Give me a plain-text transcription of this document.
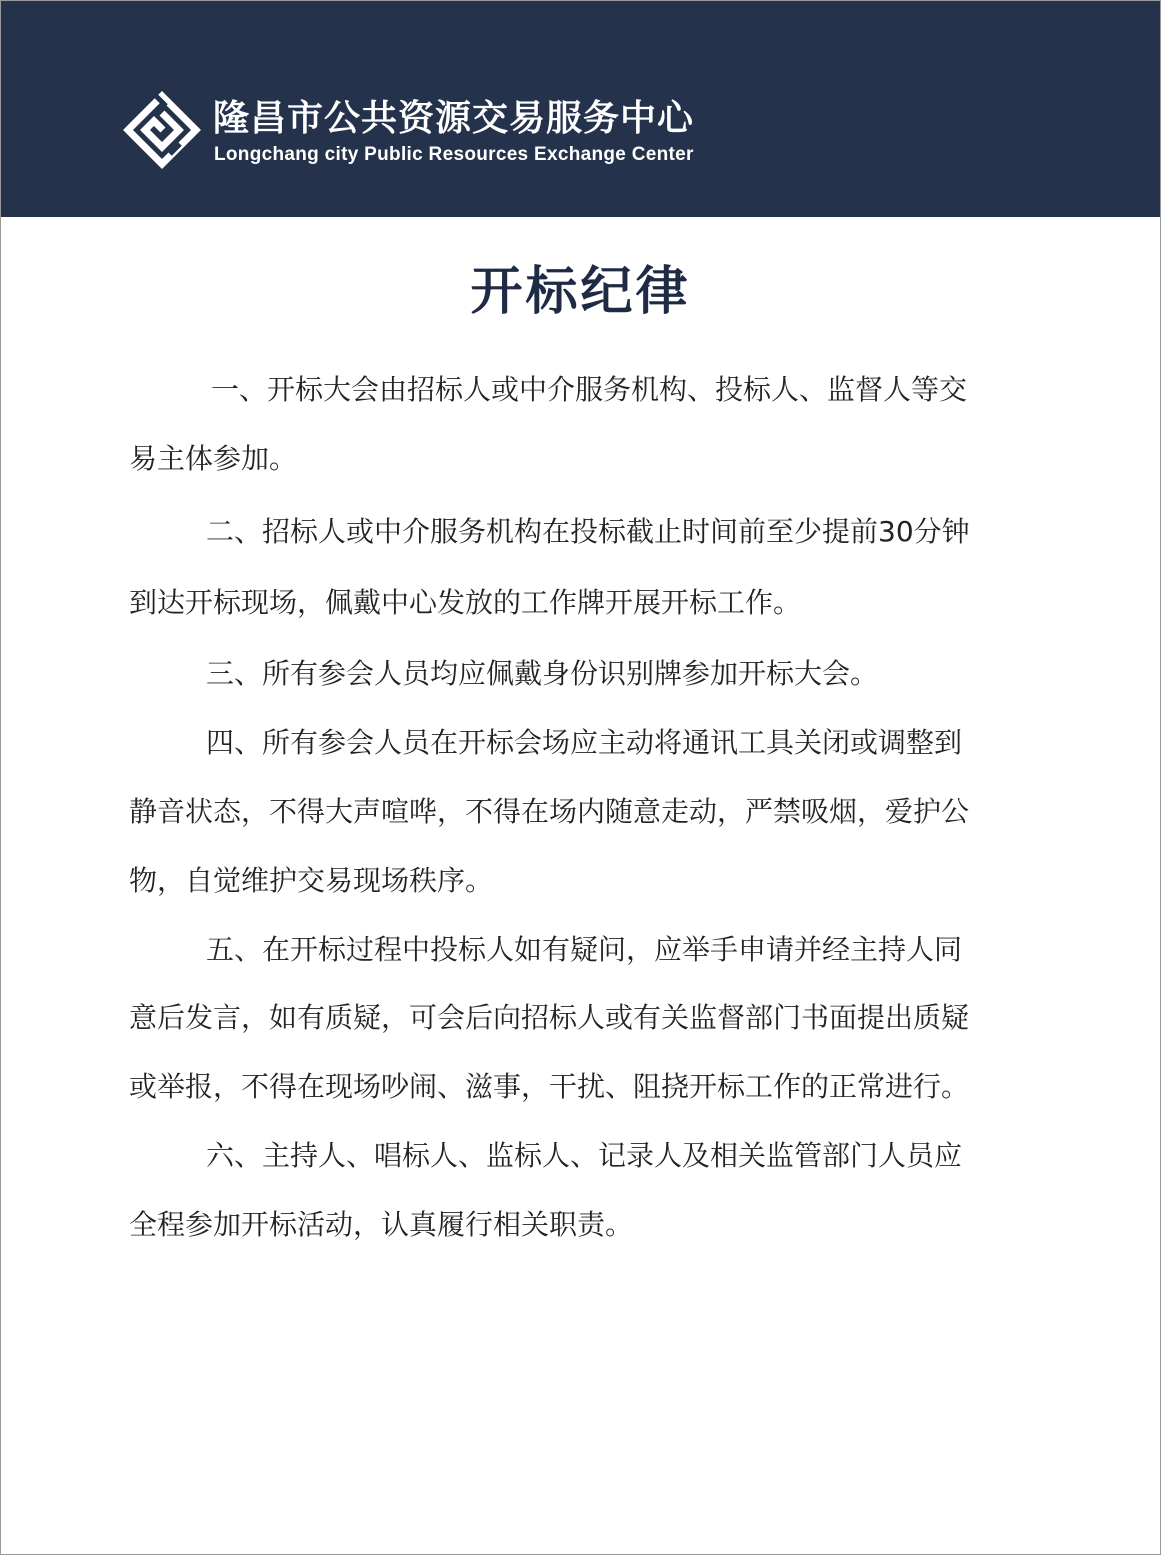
隆昌市公共资源交易服务中心
Longchang city Public Resources Exchange Center
开标纪律
一、开标大会由招标人或中介服务机构、投标人、监督人等交
易主体参加。
二、招标人或中介服务机构在投标截止时间前至少提前30分钟
到达开标现场，佩戴中心发放的工作牌开展开标工作。
三、所有参会人员均应佩戴身份识别牌参加开标大会。
四、所有参会人员在开标会场应主动将通讯工具关闭或调整到
静音状态，不得大声喧哗，不得在场内随意走动，严禁吸烟，爱护公
物，自觉维护交易现场秩序。
五、在开标过程中投标人如有疑问，应举手申请并经主持人同
意后发言，如有质疑，可会后向招标人或有关监督部门书面提出质疑
或举报，不得在现场吵闹、滋事，干扰、阻挠开标工作的正常进行。
六、主持人、唱标人、监标人、记录人及相关监管部门人员应
全程参加开标活动，认真履行相关职责。
